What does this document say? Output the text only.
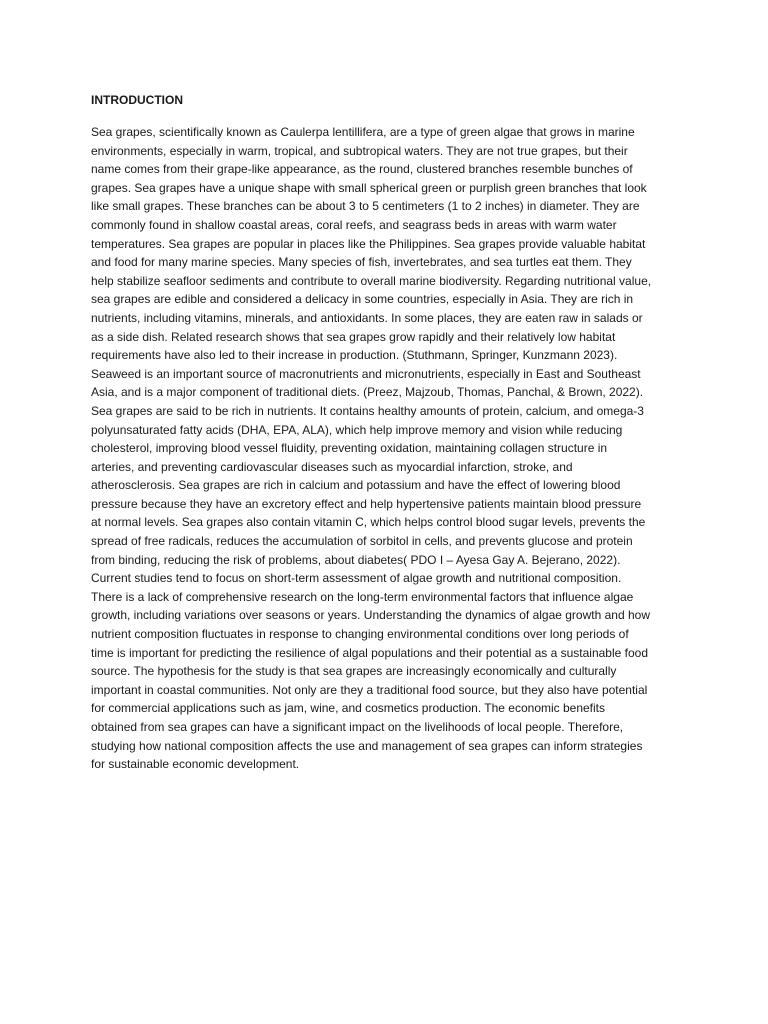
INTRODUCTION

Sea grapes, scientifically known as Caulerpa lentillifera, are a type of green algae that grows in marine environments, especially in warm, tropical, and subtropical waters. They are not true grapes, but their name comes from their grape-like appearance, as the round, clustered branches resemble bunches of grapes. Sea grapes have a unique shape with small spherical green or purplish green branches that look like small grapes. These branches can be about 3 to 5 centimeters (1 to 2 inches) in diameter. They are commonly found in shallow coastal areas, coral reefs, and seagrass beds in areas with warm water temperatures. Sea grapes are popular in places like the Philippines. Sea grapes provide valuable habitat and food for many marine species. Many species of fish, invertebrates, and sea turtles eat them. They help stabilize seafloor sediments and contribute to overall marine biodiversity. Regarding nutritional value, sea grapes are edible and considered a delicacy in some countries, especially in Asia. They are rich in nutrients, including vitamins, minerals, and antioxidants. In some places, they are eaten raw in salads or as a side dish. Related research shows that sea grapes grow rapidly and their relatively low habitat requirements have also led to their increase in production. (Stuthmann, Springer, Kunzmann 2023). Seaweed is an important source of macronutrients and micronutrients, especially in East and Southeast Asia, and is a major component of traditional diets. (Preez, Majzoub, Thomas, Panchal, & Brown, 2022). Sea grapes are said to be rich in nutrients. It contains healthy amounts of protein, calcium, and omega-3 polyunsaturated fatty acids (DHA, EPA, ALA), which help improve memory and vision while reducing cholesterol, improving blood vessel fluidity, preventing oxidation, maintaining collagen structure in arteries, and preventing cardiovascular diseases such as myocardial infarction, stroke, and atherosclerosis. Sea grapes are rich in calcium and potassium and have the effect of lowering blood pressure because they have an excretory effect and help hypertensive patients maintain blood pressure at normal levels. Sea grapes also contain vitamin C, which helps control blood sugar levels, prevents the spread of free radicals, reduces the accumulation of sorbitol in cells, and prevents glucose and protein from binding, reducing the risk of problems, about diabetes( PDO I – Ayesa Gay A. Bejerano, 2022). Current studies tend to focus on short-term assessment of algae growth and nutritional composition. There is a lack of comprehensive research on the long-term environmental factors that influence algae growth, including variations over seasons or years. Understanding the dynamics of algae growth and how nutrient composition fluctuates in response to changing environmental conditions over long periods of time is important for predicting the resilience of algal populations and their potential as a sustainable food source. The hypothesis for the study is that sea grapes are increasingly economically and culturally important in coastal communities. Not only are they a traditional food source, but they also have potential for commercial applications such as jam, wine, and cosmetics production. The economic benefits obtained from sea grapes can have a significant impact on the livelihoods of local people. Therefore, studying how national composition affects the use and management of sea grapes can inform strategies for sustainable economic development.
